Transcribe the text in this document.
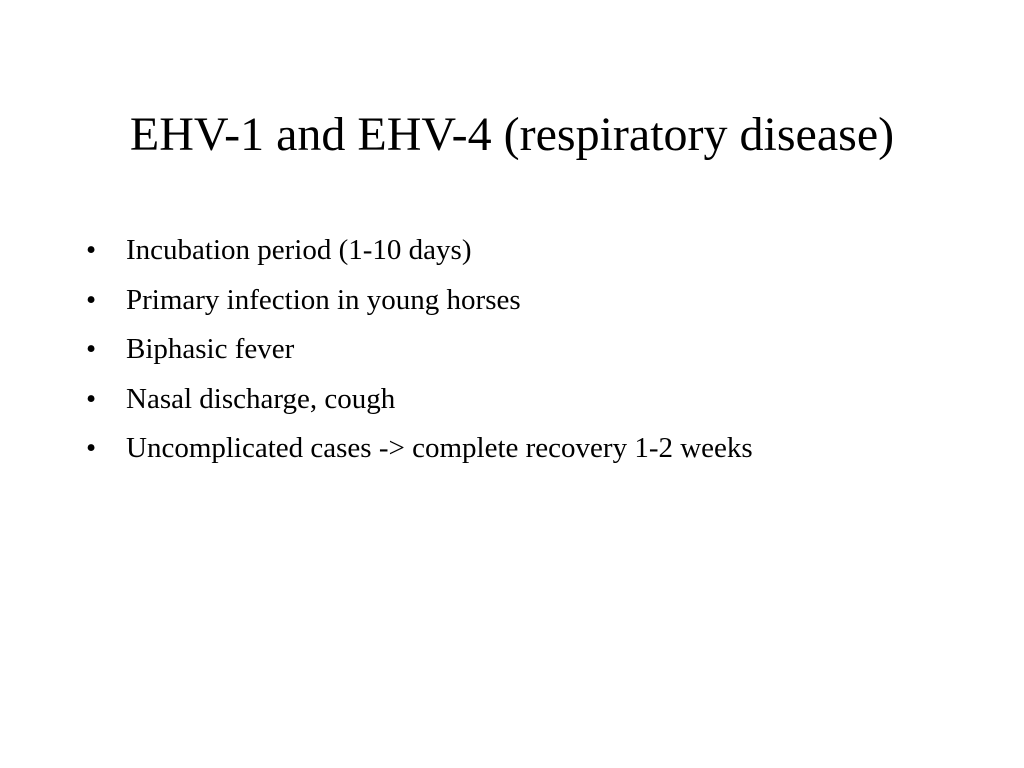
EHV-1 and EHV-4 (respiratory disease)
•	Incubation period (1-10 days)
•	Primary infection in young horses
•	Biphasic fever
•	Nasal discharge, cough
•	Uncomplicated cases -> complete recovery 1-2 weeks
